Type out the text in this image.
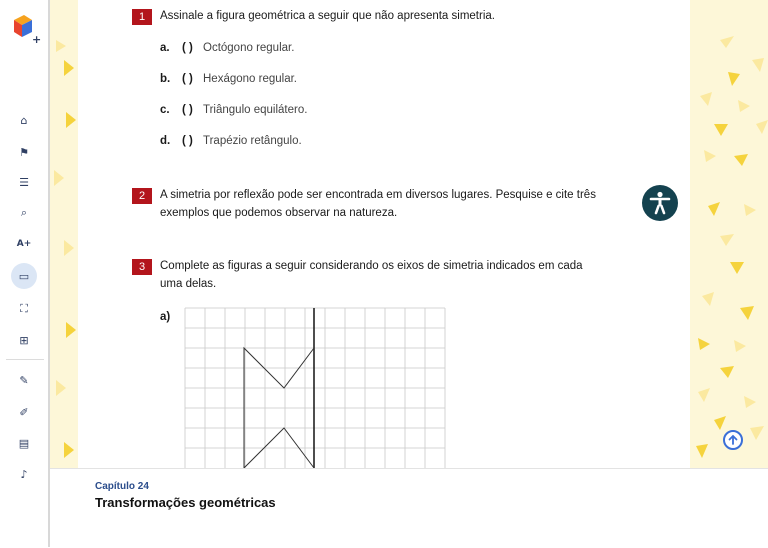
+
⌂
⚑
☰
⌕
A+
▭
⛶
⊞
✎
✐
▤
♪
1	Assinale a figura geométrica a seguir que não apresenta simetria.
a.	( ) Octógono regular.
b.	( ) Hexágono regular.
c.	( ) Triângulo equilátero.
d.	( ) Trapézio retângulo.
2	A simetria por reflexão pode ser encontrada em diversos lugares. Pesquise e cite três
exemplos que podemos observar na natureza.
3	Complete as figuras a seguir considerando os eixos de simetria indicados em cada
uma delas.
a)
Capítulo 24
Transformações geométricas
